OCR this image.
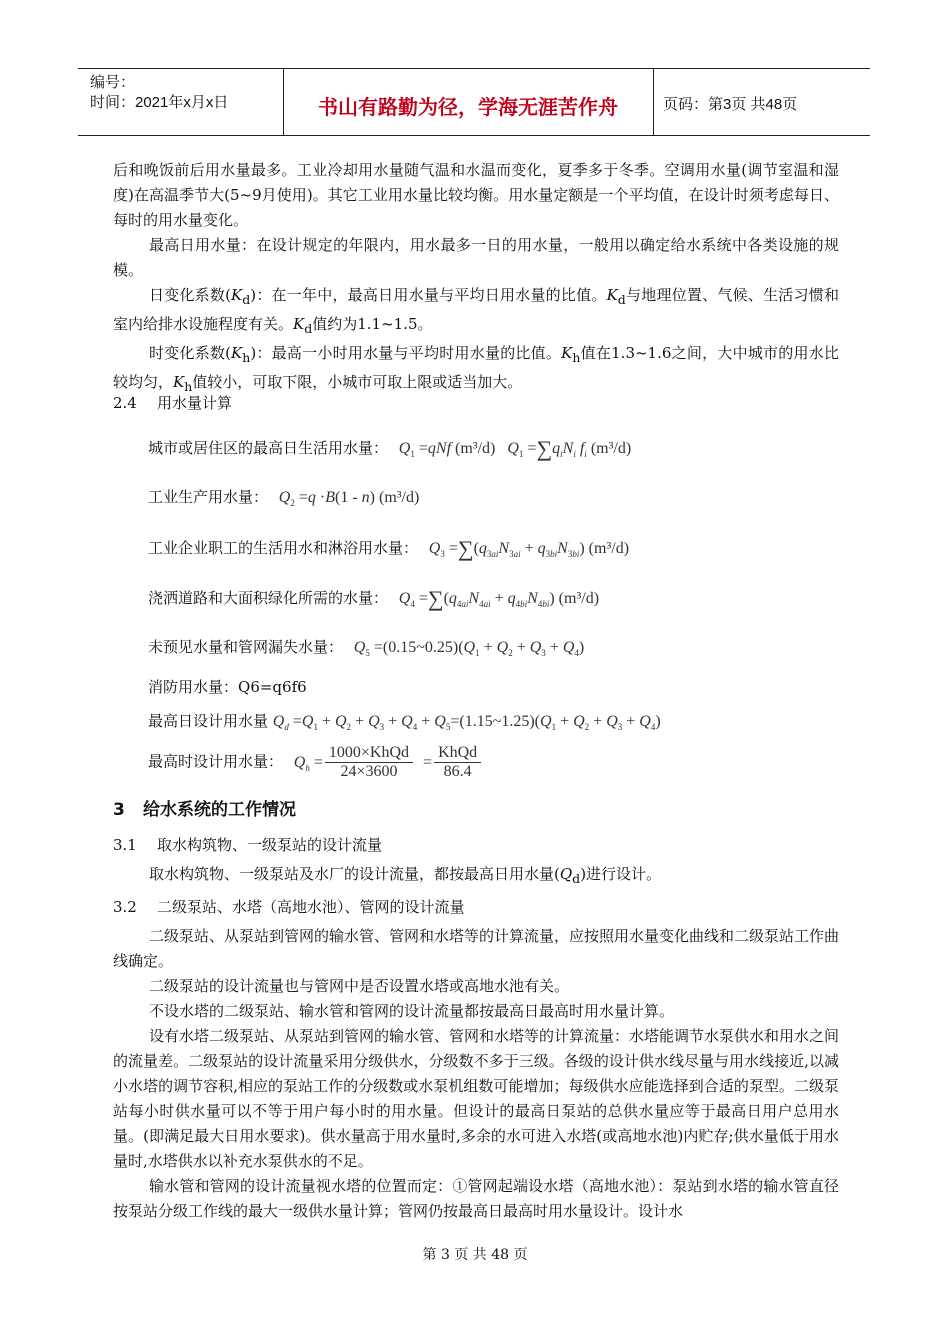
编号：
时间：2021年x月x日	书山有路勤为径，学海无涯苦作舟	页码：第3页 共48页

后和晚饭前后用水量最多。工业冷却用水量随气温和水温而变化，夏季多于冬季。空调用水量(调节室温和湿度)在高温季节大(5~9月使用)。其它工业用水量比较均衡。用水量定额是一个平均值，在设计时须考虑每日、每时的用水量变化。

最高日用水量：在设计规定的年限内，用水最多一日的用水量，一般用以确定给水系统中各类设施的规模。

日变化系数$(K_d)$：在一年中，最高日用水量与平均日用水量的比值。$K_d$与地理位置、气候、生活习惯和室内给排水设施程度有关。$K_d$值约为1.1~1.5。

时变化系数$(K_h)$：最高一小时用水量与平均时用水量的比值。$K_h$值在1.3~1.6之间，大中城市的用水比较均匀，$K_h$值较小，可取下限，小城市可取上限或适当加大。

2.4 用水量计算
城市或居住区的最高日生活用水量： $Q_1 =qNf$ (m³/d) $Q_1 =\sum q_iN_i$ $f_i$ (m³/d)
工业生产用水量： $Q_2 =q \cdot B(1 - n)$ (m³/d)
工业企业职工的生活用水和淋浴用水量： $Q_3 =\sum(q_{3ai}N_{3ai} + q_{3bi}N_{3bi})$ (m³/d)
浇洒道路和大面积绿化所需的水量： $Q_4 =\sum(q_{4ai}N_{4ai} + q_{4bi}N_{4bi})$ (m³/d)
未预见水量和管网漏失水量： $Q_5$ $=(0.15\sim 0.25)(Q_1 + Q_2 + Q_3 + Q_4)$
消防用水量：Q6=q6f6
最高日设计用水量 $Q_d =Q_1 + Q_2 + Q_3 + Q_4$ + $Q_5=(1.15\sim 1.25)(Q_1 + Q_2 + Q_3 + Q_4)$
最高时设计用水量： $Q_h = \frac{\text{1000×KhQd}}{24\times 3600} = \frac{\text{KhQd}}{86.4}$
3 给水系统的工作情况
3.1 取水构筑物、一级泵站的设计流量

取水构筑物、一级泵站及水厂的设计流量，都按最高日用水量$(Q_d)$进行设计。

3.2 二级泵站、水塔（高地水池）、管网的设计流量

二级泵站、从泵站到管网的输水管、管网和水塔等的计算流量，应按照用水量变化曲线和二级泵站工作曲线确定。

二级泵站的设计流量也与管网中是否设置水塔或高地水池有关。

不设水塔的二级泵站、输水管和管网的设计流量都按最高日最高时用水量计算。

设有水塔二级泵站、从泵站到管网的输水管、管网和水塔等的计算流量：水塔能调节水泵供水和用水之间的流量差。二级泵站的设计流量采用分级供水，分级数不多于三级。各级的设计供水线尽量与用水线接近,以减小水塔的调节容积,相应的泵站工作的分级数或水泵机组数可能增加；每级供水应能选择到合适的泵型。二级泵站每小时供水量可以不等于用户每小时的用水量。但设计的最高日泵站的总供水量应等于最高日用户总用水量。(即满足最大日用水要求)。供水量高于用水量时,多余的水可进入水塔(或高地水池)内贮存;供水量低于用水量时,水塔供水以补充水泵供水的不足。

输水管和管网的设计流量视水塔的位置而定：①管网起端设水塔（高地水池）：泵站到水塔的输水管直径按泵站分级工作线的最大一级供水量计算；管网仍按最高日最高时用水量设计。设计水

第 3 页 共 48 页
